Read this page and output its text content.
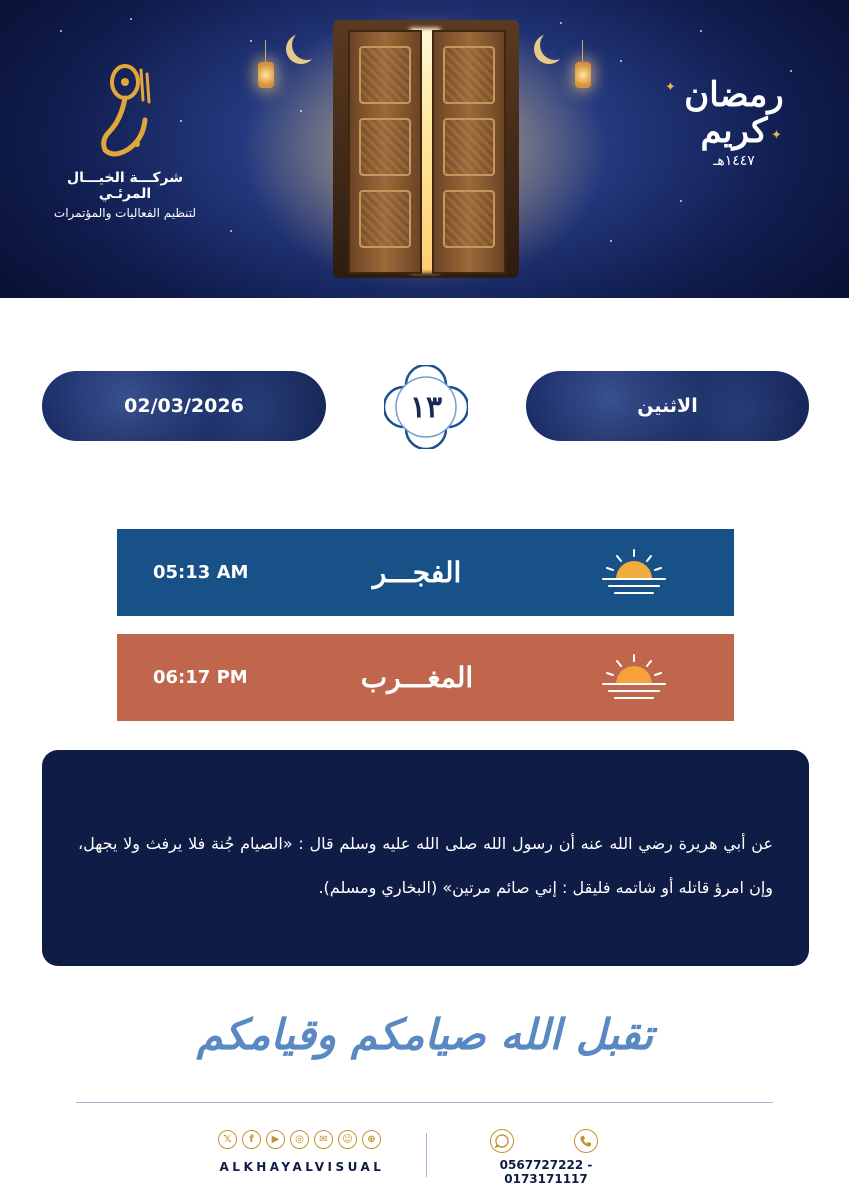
شركـــة الخيـــال المرئـي
لتنظيم الفعاليات والمؤتمرات
✦ رمضان
كريم ✦
١٤٤٧هـ
02/03/2026	١٣	الاثنين
05:13 AM	الفجـــر
06:17 PM	المغـــرب

عن أبي هريرة رضي الله عنه أن رسول الله صلى الله عليه وسلم قال : «الصيام جُنة فلا يرفث ولا يجهل، وإن امرؤ قاتله أو شاتمه فليقل : إني صائم مرتين» (البخاري ومسلم).

تقبل الله صيامكم وقيامكم
𝕏	f	▶	◎	✉	☺	⊕
ALKHAYALVISUAL	0567727222 - 0173171117
